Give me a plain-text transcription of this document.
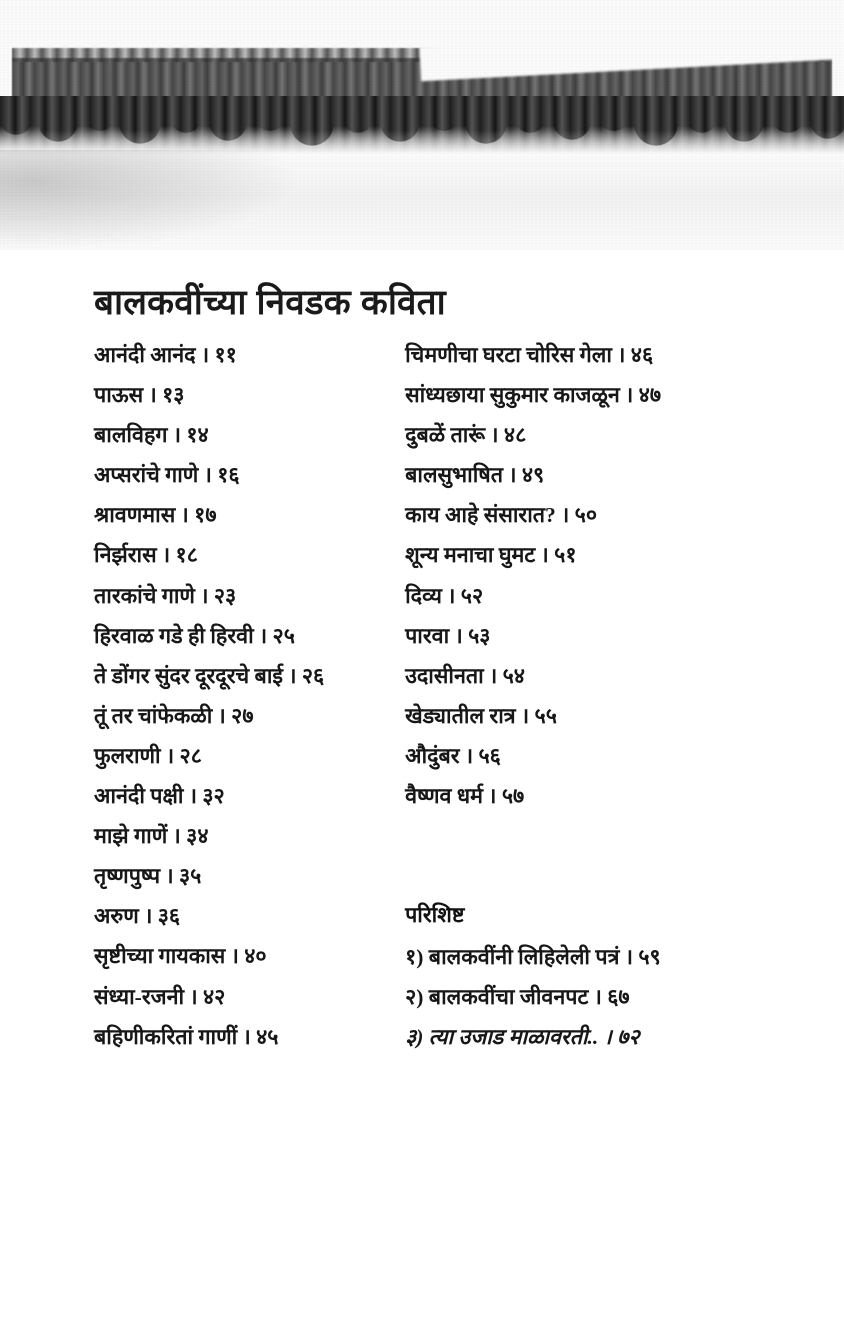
बालकवींच्या निवडक कविता
आनंदी आनंद । ११
पाऊस । १३
बालविहग । १४
अप्सरांचे गाणे । १६
श्रावणमास । १७
निर्झरास । १८
तारकांचे गाणे । २३
हिरवाळ गडे ही हिरवी । २५
ते डोंगर सुंदर दूरदूरचे बाई । २६
तूं तर चांफेकळी । २७
फुलराणी । २८
आनंदी पक्षी । ३२
माझे गाणें । ३४
तृष्णपुष्प । ३५
अरुण । ३६
सृष्टीच्या गायकास । ४०
संध्या-रजनी । ४२
बहिणीकरितां गाणीं । ४५
चिमणीचा घरटा चोरिस गेला । ४६
सांध्यछाया सुकुमार काजळून । ४७
दुबळें तारूं । ४८
बालसुभाषित । ४९
काय आहे संसारात? । ५०
शून्य मनाचा घुमट । ५१
दिव्य । ५२
पारवा । ५३
उदासीनता । ५४
खेड्यातील रात्र । ५५
औदुंबर । ५६
वैष्णव धर्म । ५७
परिशिष्ट
१) बालकवींनी लिहिलेली पत्रं । ५९
२) बालकवींचा जीवनपट । ६७
३) त्या उजाड माळावरती.. । ७२
